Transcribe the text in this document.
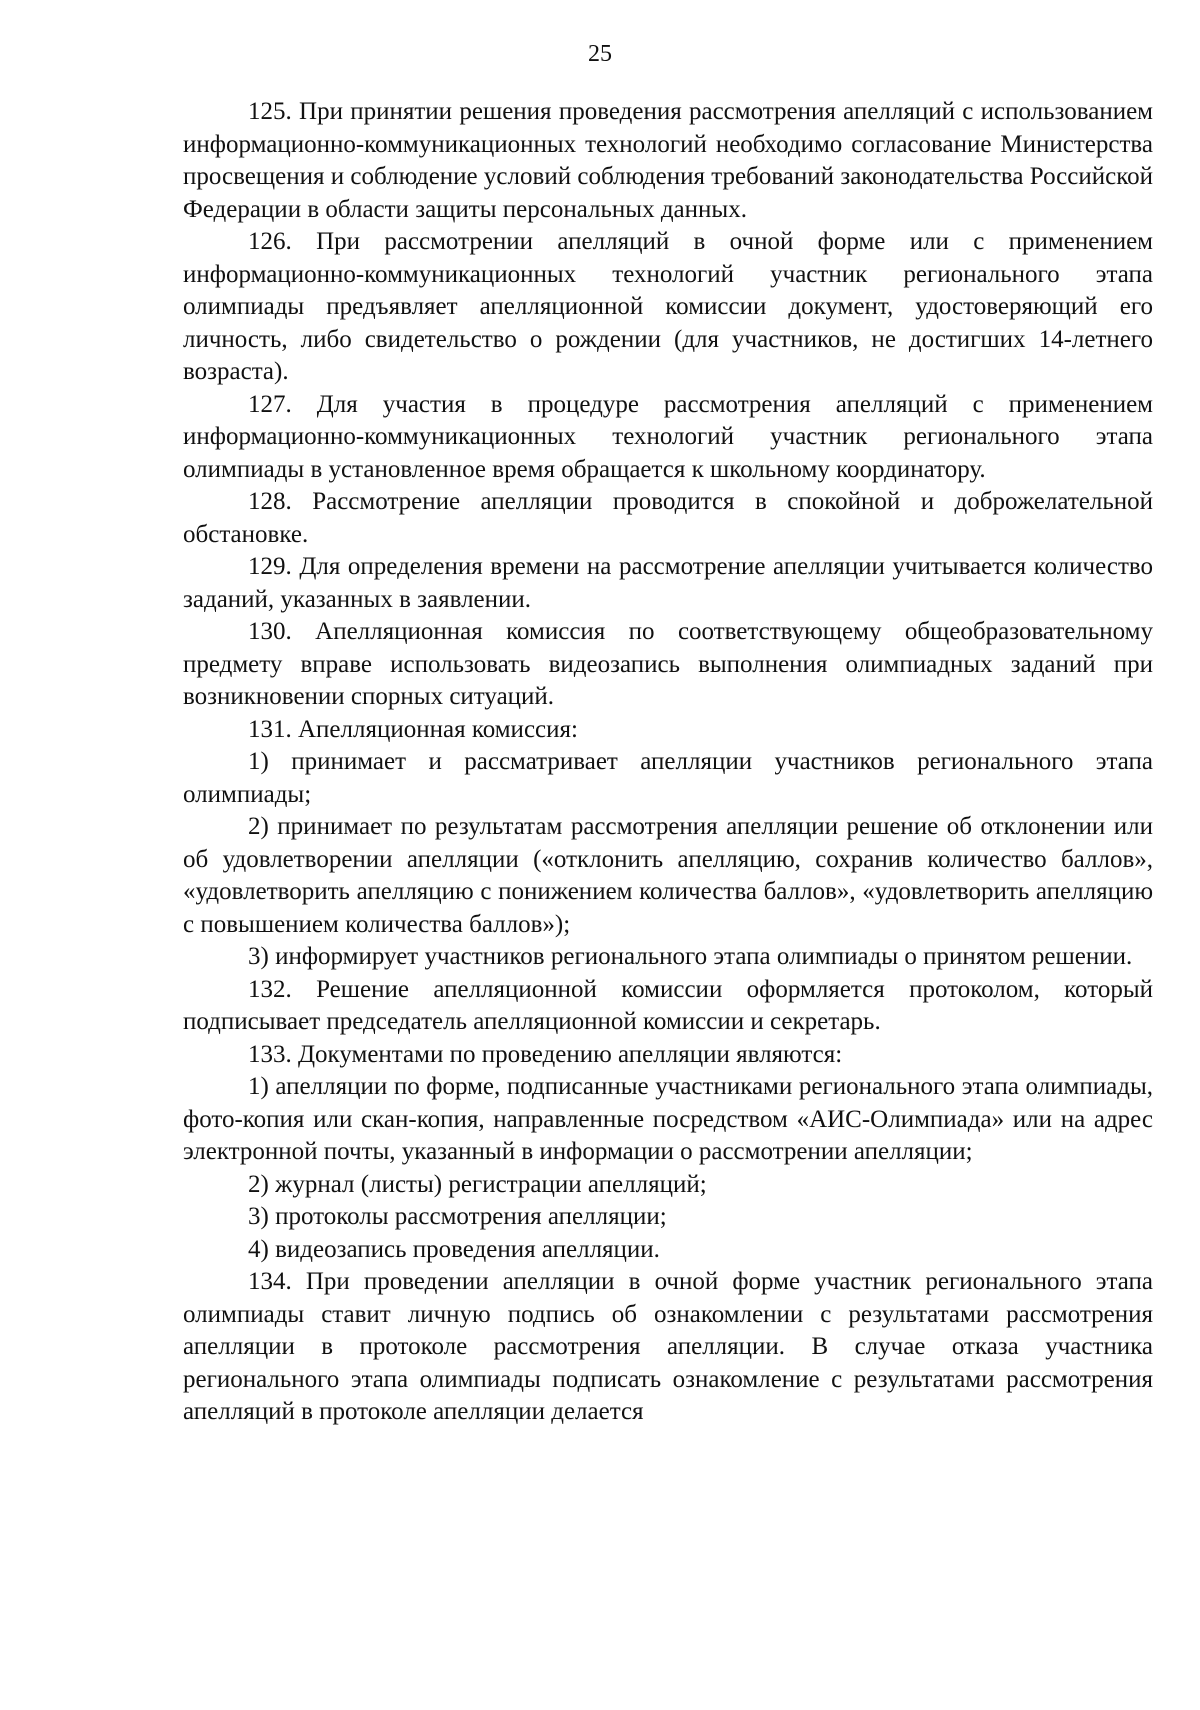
25

125. При принятии решения проведения рассмотрения апелляций с использованием информационно-коммуникационных технологий необходимо согласование Министерства просвещения и соблюдение условий соблюдения требований законодательства Российской Федерации в области защиты персональных данных.

126. При рассмотрении апелляций в очной форме или с применением информационно-коммуникационных технологий участник регионального этапа олимпиады предъявляет апелляционной комиссии документ, удостоверяющий его личность, либо свидетельство о рождении (для участников, не достигших 14-летнего возраста).

127. Для участия в процедуре рассмотрения апелляций с применением информационно-коммуникационных технологий участник регионального этапа олимпиады в установленное время обращается к школьному координатору.

128. Рассмотрение апелляции проводится в спокойной и доброжелательной обстановке.

129. Для определения времени на рассмотрение апелляции учитывается количество заданий, указанных в заявлении.

130. Апелляционная комиссия по соответствующему общеобразовательному предмету вправе использовать видеозапись выполнения олимпиадных заданий при возникновении спорных ситуаций.

131. Апелляционная комиссия:

1) принимает и рассматривает апелляции участников регионального этапа олимпиады;

2) принимает по результатам рассмотрения апелляции решение об отклонении или об удовлетворении апелляции («отклонить апелляцию, сохранив количество баллов», «удовлетворить апелляцию с понижением количества баллов», «удовлетворить апелляцию с повышением количества баллов»);

3) информирует участников регионального этапа олимпиады о принятом решении.

132. Решение апелляционной комиссии оформляется протоколом, который подписывает председатель апелляционной комиссии и секретарь.

133. Документами по проведению апелляции являются:

1) апелляции по форме, подписанные участниками регионального этапа олимпиады, фото-копия или скан-копия, направленные посредством «АИС-Олимпиада» или на адрес электронной почты, указанный в информации о рассмотрении апелляции;

2) журнал (листы) регистрации апелляций;

3) протоколы рассмотрения апелляции;

4) видеозапись проведения апелляции.

134. При проведении апелляции в очной форме участник регионального этапа олимпиады ставит личную подпись об ознакомлении с результатами рассмотрения апелляции в протоколе рассмотрения апелляции. В случае отказа участника регионального этапа олимпиады подписать ознакомление с результатами рассмотрения апелляций в протоколе апелляции делается
